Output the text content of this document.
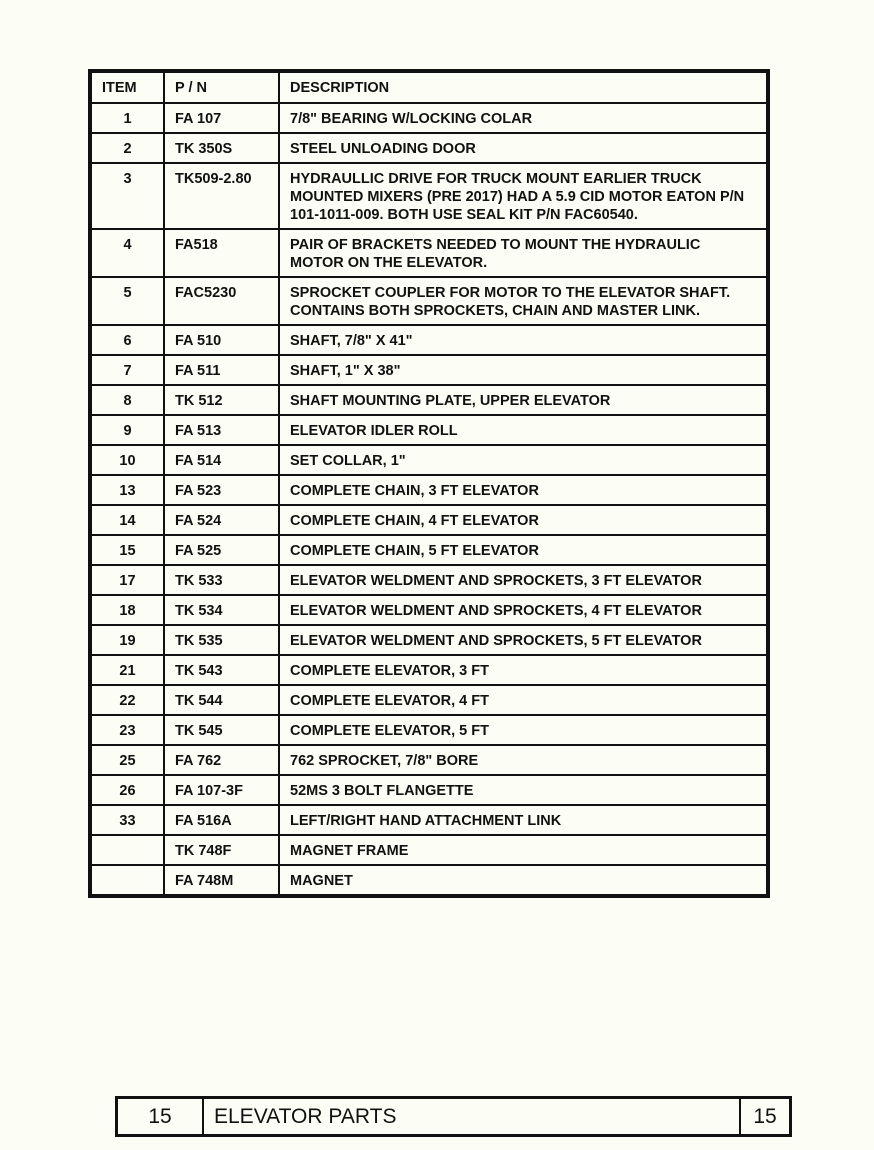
ITEM	P / N	DESCRIPTION
1	FA 107	7/8" BEARING W/LOCKING COLAR
2	TK 350S	STEEL UNLOADING DOOR
3	TK509-2.80	HYDRAULLIC DRIVE FOR TRUCK MOUNT EARLIER TRUCK MOUNTED MIXERS (PRE 2017) HAD A 5.9 CID MOTOR EATON P/N 101-1011-009. BOTH USE SEAL KIT P/N FAC60540.
4	FA518	PAIR OF BRACKETS NEEDED TO MOUNT THE HYDRAULIC MOTOR ON THE ELEVATOR.
5	FAC5230	SPROCKET COUPLER FOR MOTOR TO THE ELEVATOR SHAFT. CONTAINS BOTH SPROCKETS, CHAIN AND MASTER LINK.
6	FA 510	SHAFT, 7/8" X 41"
7	FA 511	SHAFT, 1" X 38"
8	TK 512	SHAFT MOUNTING PLATE, UPPER ELEVATOR
9	FA 513	ELEVATOR IDLER ROLL
10	FA 514	SET COLLAR, 1"
13	FA 523	COMPLETE CHAIN, 3 FT ELEVATOR
14	FA 524	COMPLETE CHAIN, 4 FT ELEVATOR
15	FA 525	COMPLETE CHAIN, 5 FT ELEVATOR
17	TK 533	ELEVATOR WELDMENT AND SPROCKETS, 3 FT ELEVATOR
18	TK 534	ELEVATOR WELDMENT AND SPROCKETS, 4 FT ELEVATOR
19	TK 535	ELEVATOR WELDMENT AND SPROCKETS, 5 FT ELEVATOR
21	TK 543	COMPLETE ELEVATOR, 3 FT
22	TK 544	COMPLETE ELEVATOR, 4 FT
23	TK 545	COMPLETE ELEVATOR, 5 FT
25	FA 762	762 SPROCKET, 7/8" BORE
26	FA 107-3F	52MS 3 BOLT FLANGETTE
33	FA 516A	LEFT/RIGHT HAND ATTACHMENT LINK
	TK 748F	MAGNET FRAME
	FA 748M	MAGNET
15	ELEVATOR PARTS	15
